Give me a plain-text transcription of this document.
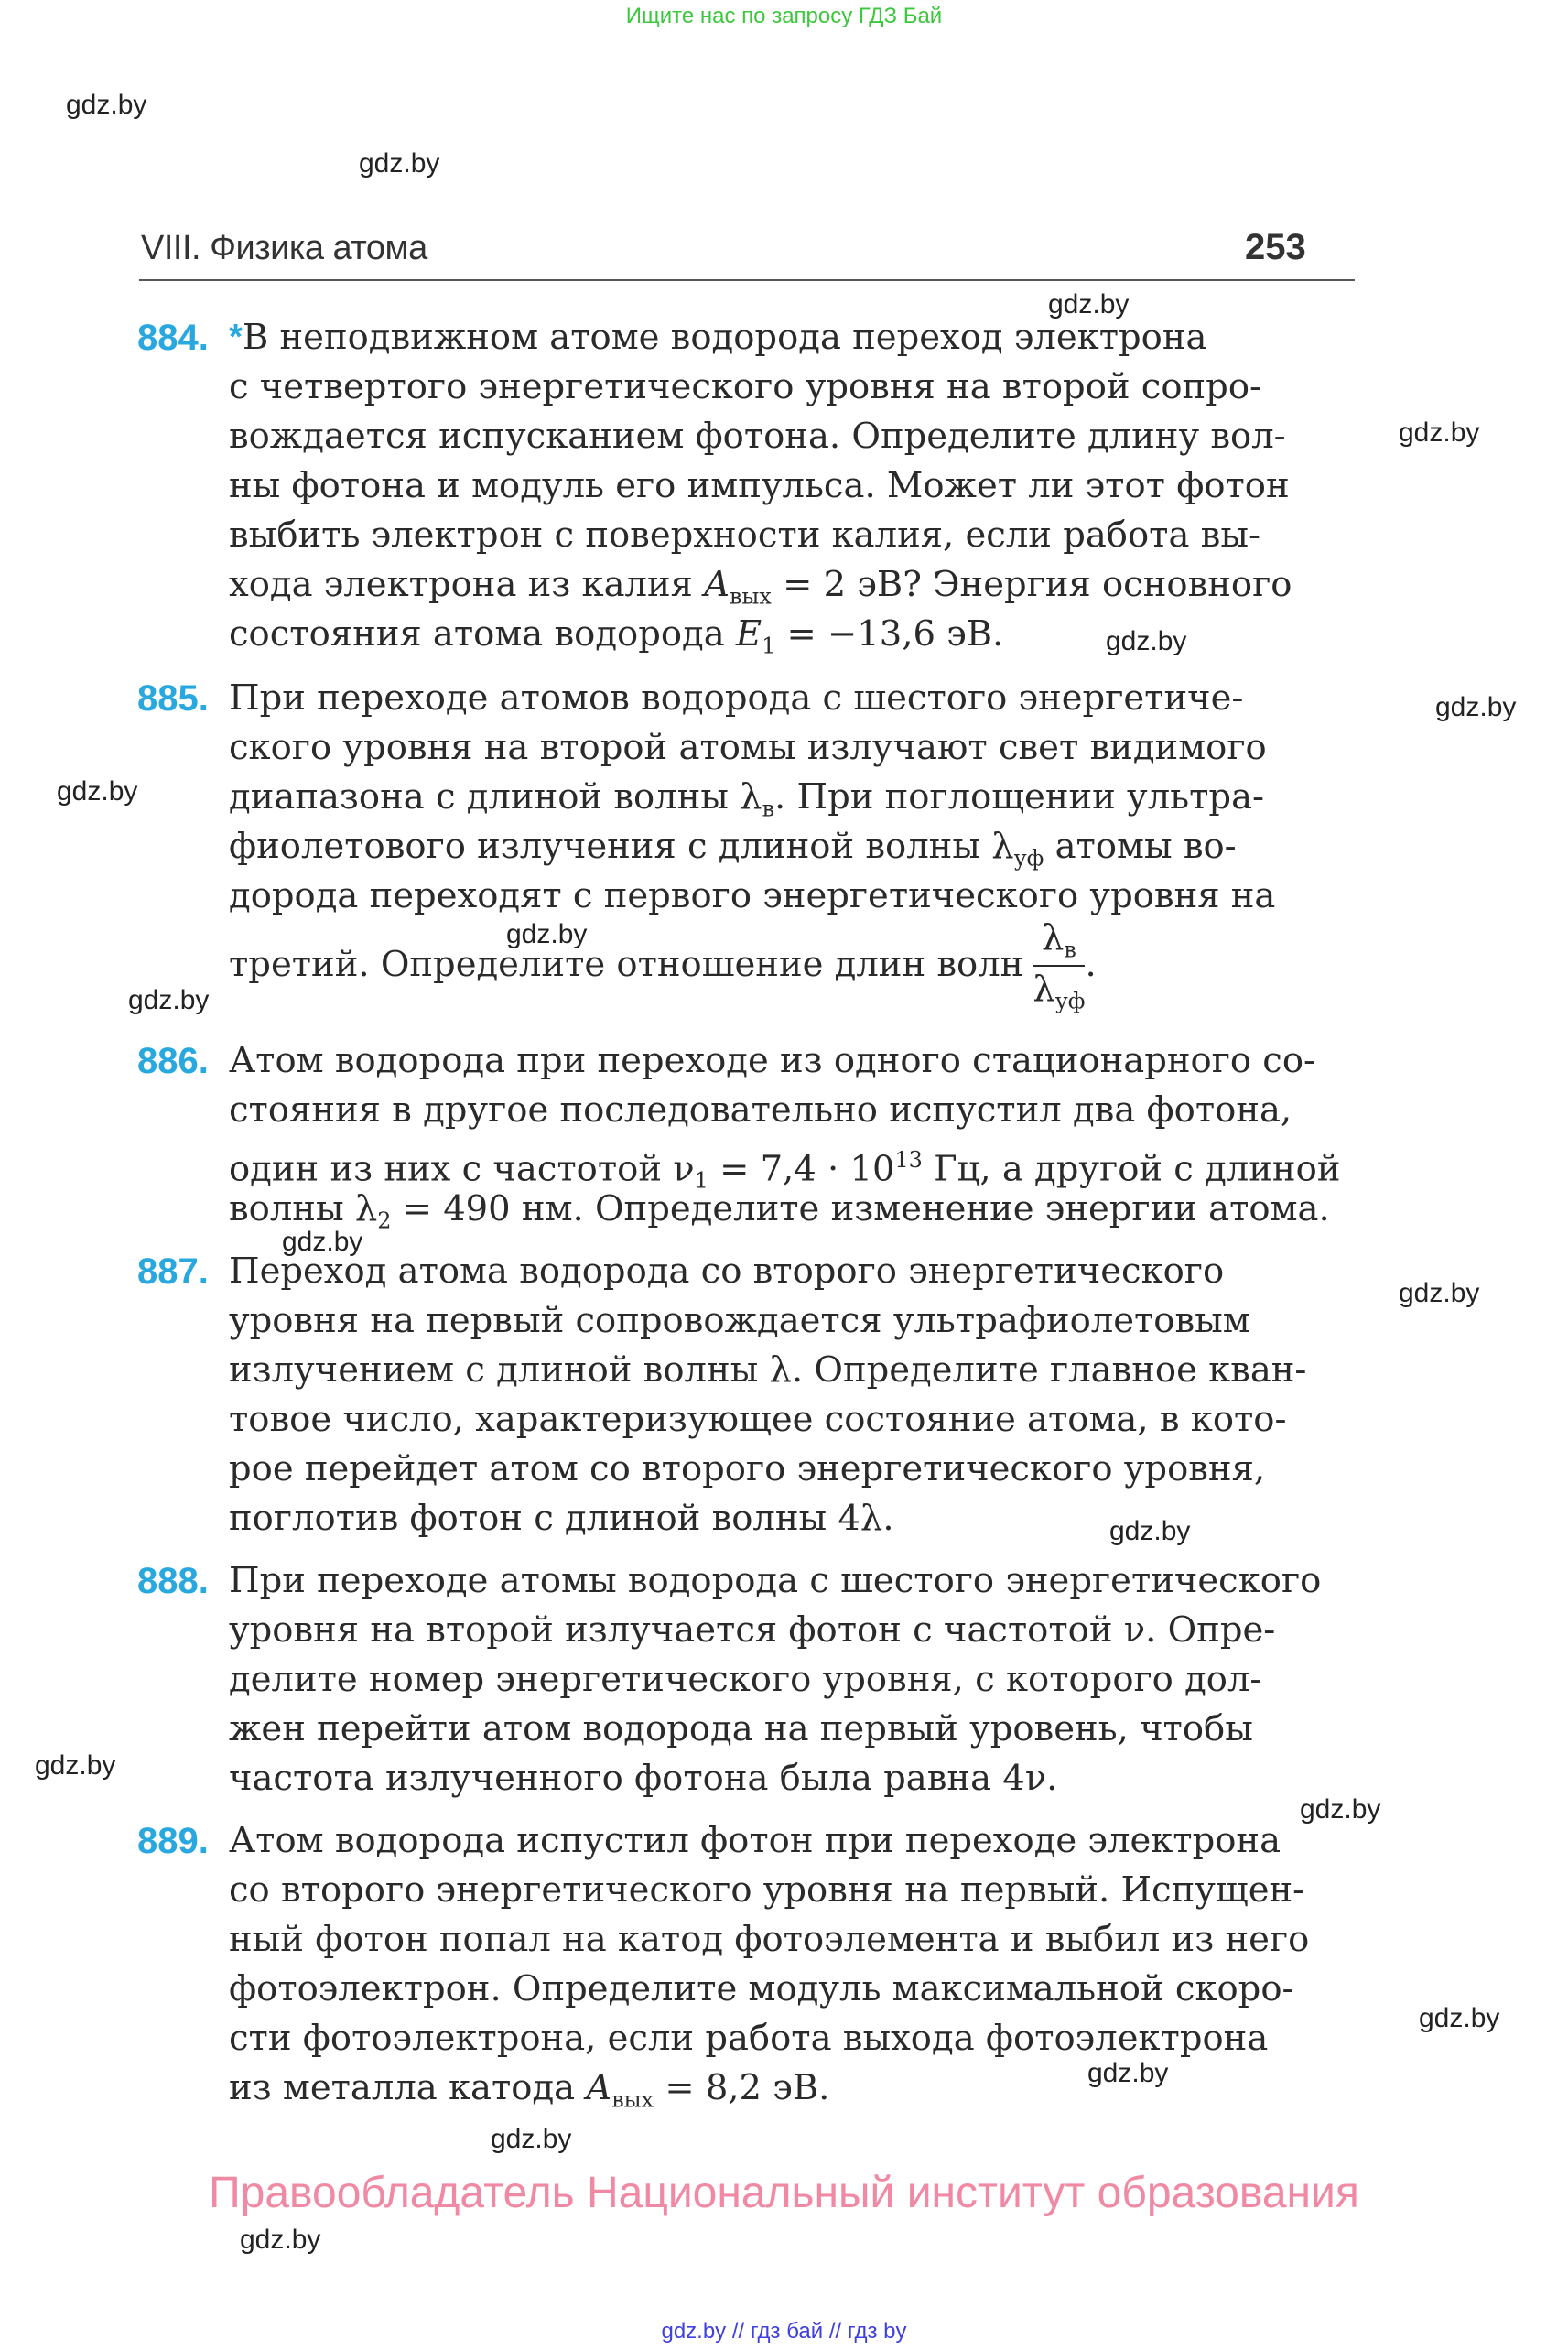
Ищите нас по запросу ГДЗ Бай
gdz.by
gdz.by
gdz.by
gdz.by
gdz.by
gdz.by
gdz.by
gdz.by
gdz.by
gdz.by
gdz.by
gdz.by
gdz.by
gdz.by
gdz.by
gdz.by
gdz.by
gdz.by
VIII. Физика атома	253
884. *В неподвижном атоме водорода переход электрона
с четвертого энергетического уровня на второй сопро-
вождается испусканием фотона. Определите длину вол-
ны фотона и модуль его импульса. Может ли этот фотон
выбить электрон с поверхности калия, если работа вы-
хода электрона из калия $A_{вых} = 2$ эВ? Энергия основного
состояния атома водорода $E_1 = -13,6$ эВ.
885. При переходе атомов водорода с шестого энергетиче-
ского уровня на второй атомы излучают свет видимого
диапазона с длиной волны $\lambda_в$. При поглощении ультра-
фиолетового излучения с длиной волны $\lambda_{уф}$ атомы во-
дорода переходят с первого энергетического уровня на
третий. Определите отношение длин волн $\frac{\lambda_в}{\lambda_{уф}}$ .
886. Атом водорода при переходе из одного стационарного со-
стояния в другое последовательно испустил два фотона,
один из них с частотой $\nu_1 = 7,4 \cdot 10^{13}$ Гц, а другой с длиной
волны $\lambda_2 = 490$ нм. Определите изменение энергии атома.
887. Переход атома водорода со второго энергетического
уровня на первый сопровождается ультрафиолетовым
излучением с длиной волны λ. Определите главное кван-
товое число, характеризующее состояние атома, в кото-
рое перейдет атом со второго энергетического уровня,
поглотив фотон с длиной волны 4λ.
888. При переходе атомы водорода с шестого энергетического
уровня на второй излучается фотон с частотой ν. Опре-
делите номер энергетического уровня, с которого дол-
жен перейти атом водорода на первый уровень, чтобы
частота излученного фотона была равна 4ν.
889. Атом водорода испустил фотон при переходе электрона
со второго энергетического уровня на первый. Испущен-
ный фотон попал на катод фотоэлемента и выбил из него
фотоэлектрон. Определите модуль максимальной скоро-
сти фотоэлектрона, если работа выхода фотоэлектрона
из металла катода $A_{вых} = 8,2$ эВ.
Правообладатель Национальный институт образования
gdz.by // гдз бай // гдз by
